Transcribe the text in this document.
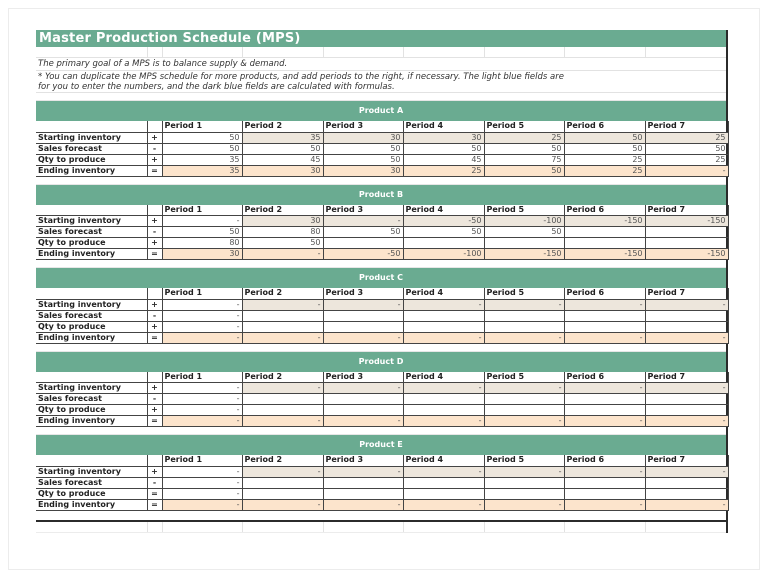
Master Production Schedule (MPS)
The primary goal of a MPS is to balance supply & demand.
* You can duplicate the MPS schedule for more products, and add periods to the right, if necessary. The light blue fields are
for you to enter the numbers, and the dark blue fields are calculated with formulas.
Product A
		Period 1	Period 2	Period 3	Period 4	Period 5	Period 6	Period 7
Starting inventory	+	50	35	30	30	25	50	25
Sales forecast	-	50	50	50	50	50	50	50
Qty to produce	+	35	45	50	45	75	25	25
Ending inventory	=	35	30	30	25	50	25	-
Product B
		Period 1	Period 2	Period 3	Period 4	Period 5	Period 6	Period 7
Starting inventory	+	-	30	-	-50	-100	-150	-150
Sales forecast	-	50	80	50	50	50		
Qty to produce	+	80	50					
Ending inventory	=	30	-	-50	-100	-150	-150	-150
Product C
		Period 1	Period 2	Period 3	Period 4	Period 5	Period 6	Period 7
Starting inventory	+	-	-	-	-	-	-	-
Sales forecast	-	-						
Qty to produce	+	-						
Ending inventory	=	-	-	-	-	-	-	-
Product D
		Period 1	Period 2	Period 3	Period 4	Period 5	Period 6	Period 7
Starting inventory	+	-	-	-	-	-	-	-
Sales forecast	-	-						
Qty to produce	+	-						
Ending inventory	=	-	-	-	-	-	-	-
Product E
		Period 1	Period 2	Period 3	Period 4	Period 5	Period 6	Period 7
Starting inventory	+	-	-	-	-	-	-	-
Sales forecast	-	-						
Qty to produce	=	-						
Ending inventory	=	-	-	-	-	-	-	-
